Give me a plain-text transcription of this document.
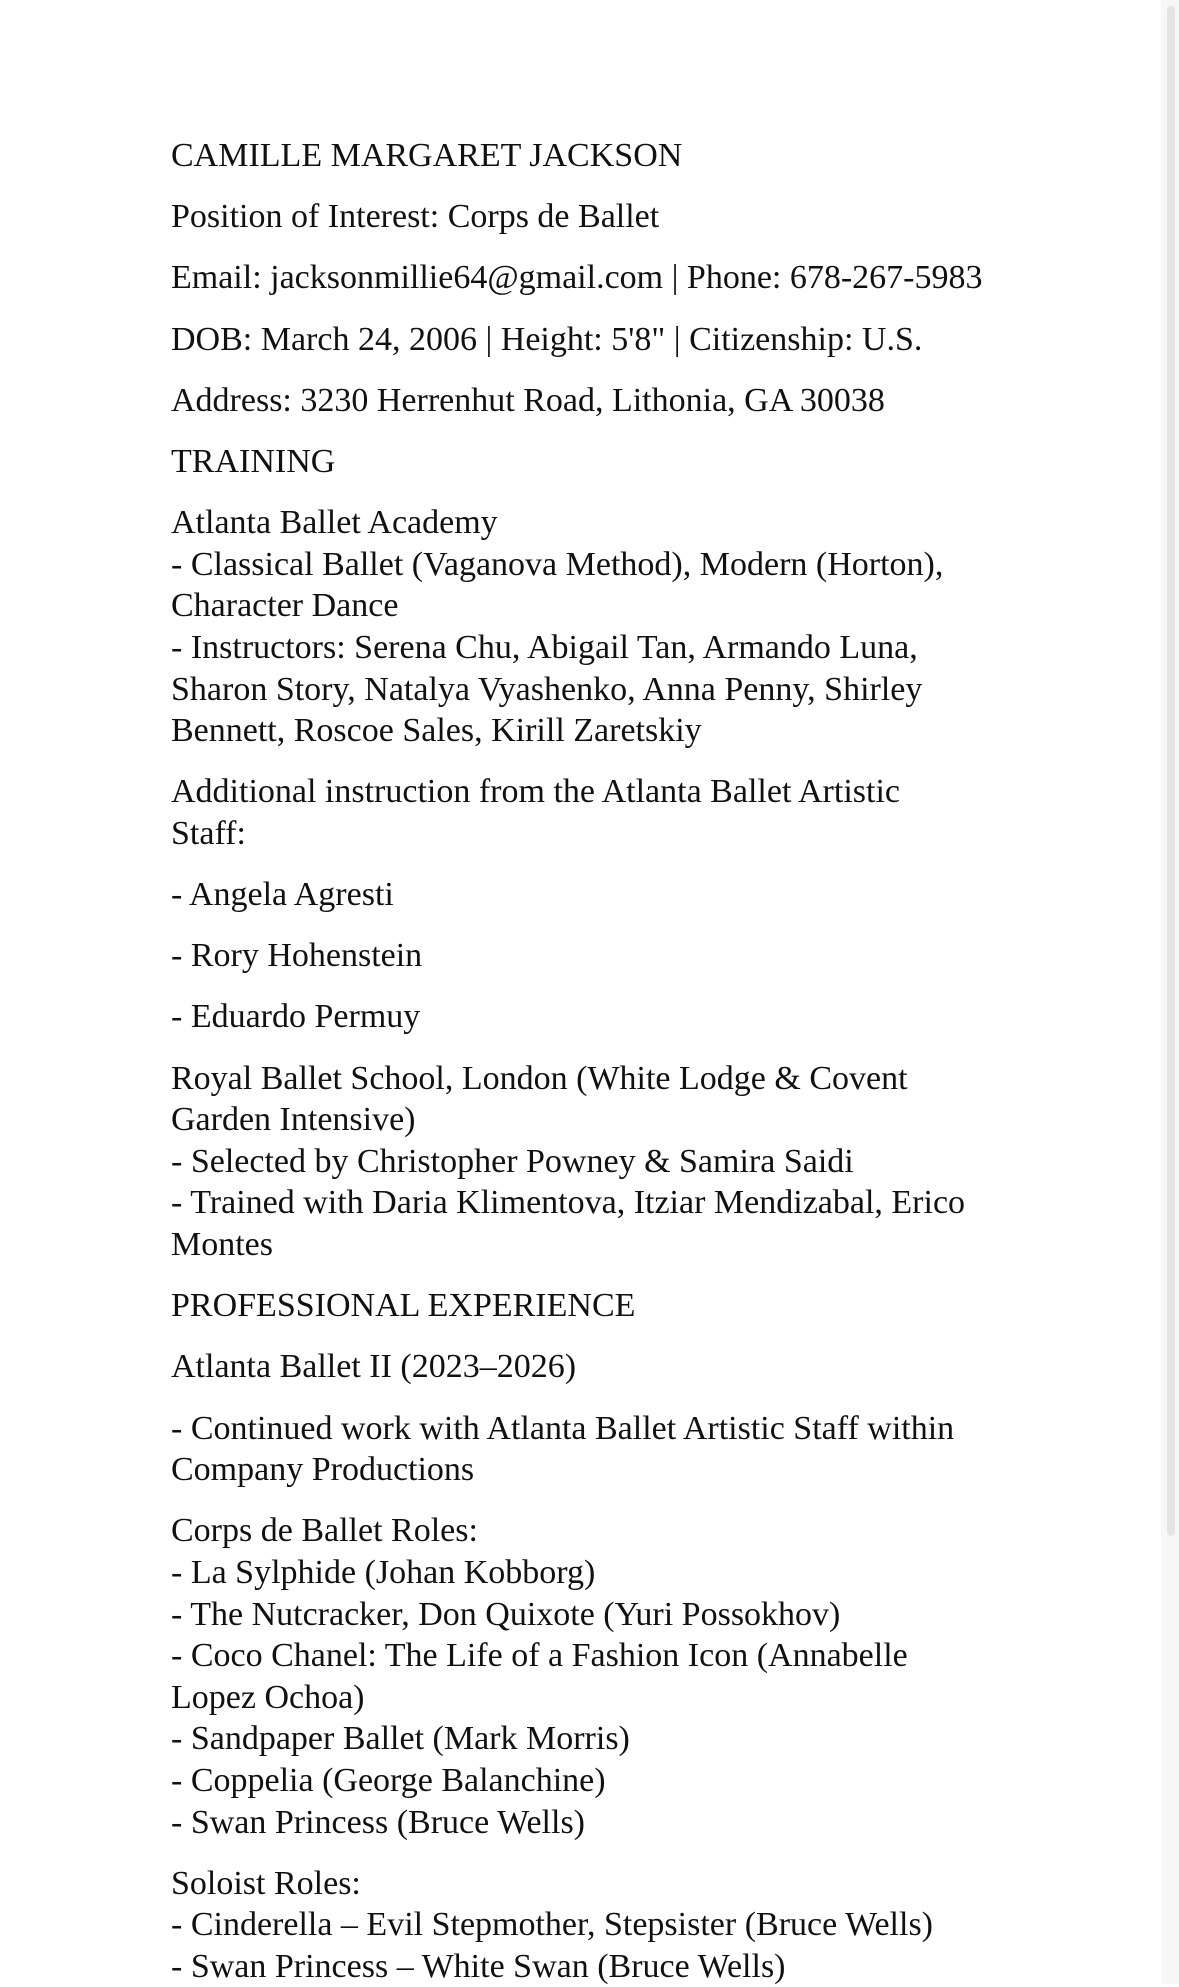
CAMILLE MARGARET JACKSON
Position of Interest: Corps de Ballet
Email: jacksonmillie64@gmail.com | Phone: 678-267-5983
DOB: March 24, 2006 | Height: 5'8" | Citizenship: U.S.
Address: 3230 Herrenhut Road, Lithonia, GA 30038
TRAINING
Atlanta Ballet Academy
- Classical Ballet (Vaganova Method), Modern (Horton),
Character Dance
- Instructors: Serena Chu, Abigail Tan, Armando Luna,
Sharon Story, Natalya Vyashenko, Anna Penny, Shirley
Bennett, Roscoe Sales, Kirill Zaretskiy
Additional instruction from the Atlanta Ballet Artistic
Staff:
- Angela Agresti
- Rory Hohenstein
- Eduardo Permuy
Royal Ballet School, London (White Lodge & Covent
Garden Intensive)
- Selected by Christopher Powney & Samira Saidi
- Trained with Daria Klimentova, Itziar Mendizabal, Erico
Montes
PROFESSIONAL EXPERIENCE
Atlanta Ballet II (2023–2026)
- Continued work with Atlanta Ballet Artistic Staff within
Company Productions
Corps de Ballet Roles:
- La Sylphide (Johan Kobborg)
- The Nutcracker, Don Quixote (Yuri Possokhov)
- Coco Chanel: The Life of a Fashion Icon (Annabelle
Lopez Ochoa)
- Sandpaper Ballet (Mark Morris)
- Coppelia (George Balanchine)
- Swan Princess (Bruce Wells)
Soloist Roles:
- Cinderella – Evil Stepmother, Stepsister (Bruce Wells)
- Swan Princess – White Swan (Bruce Wells)
